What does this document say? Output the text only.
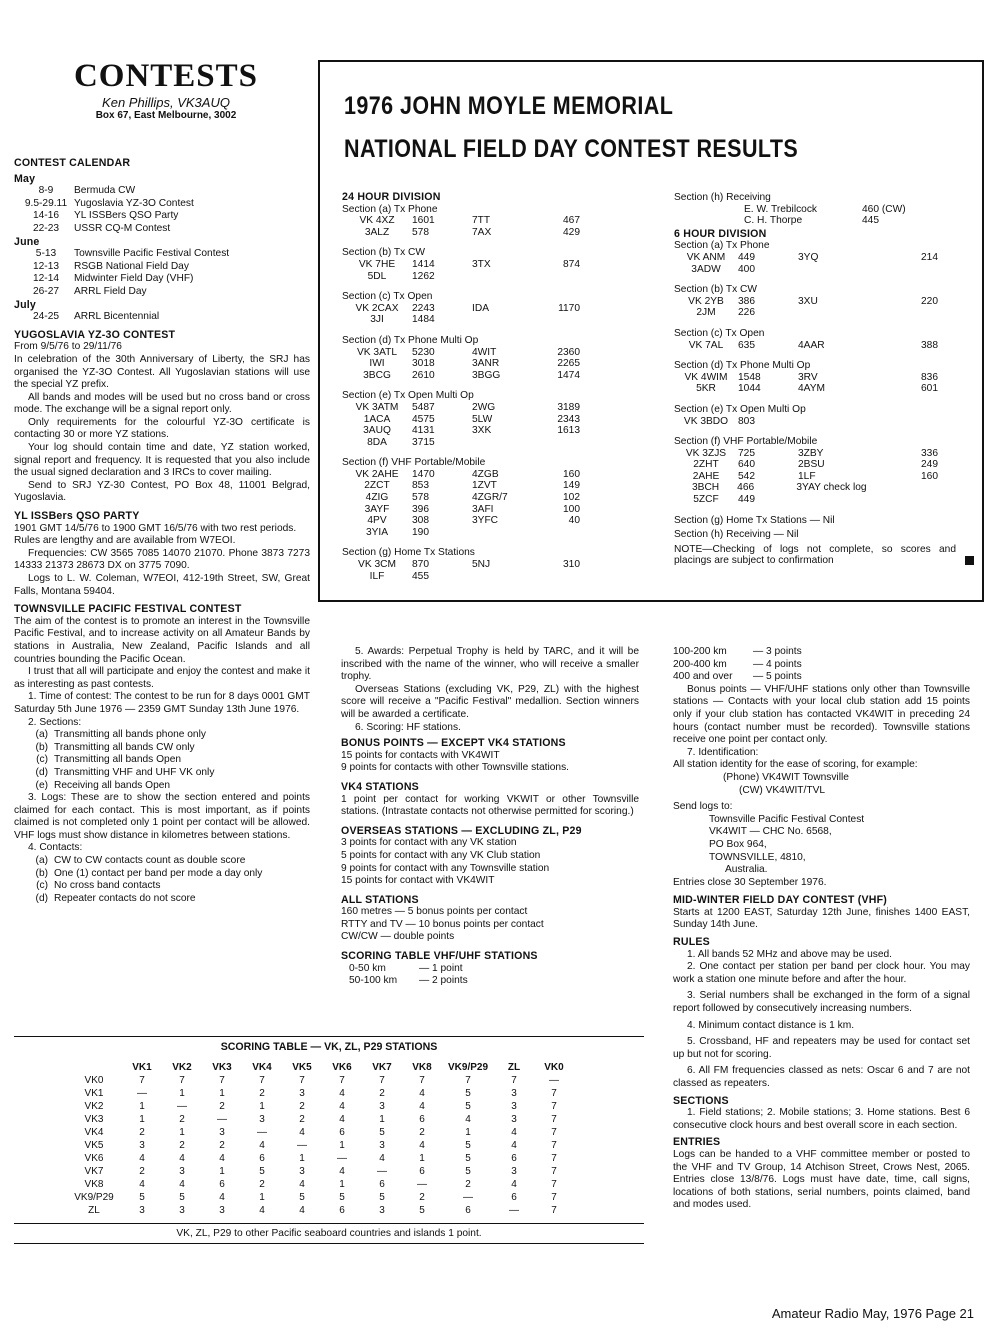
CONTESTS
Ken Phillips, VK3AUQ
Box 67, East Melbourne, 3002
CONTEST CALENDAR
May
8-9	Bermuda CW
9.5-29.11 Yugoslavia YZ-3O Contest
14-16	YL ISSBers QSO Party
22-23	USSR CQ-M Contest
June
5-13	Townsville Pacific Festival Contest
12-13	RSGB National Field Day
12-14	Midwinter Field Day (VHF)
26-27	ARRL Field Day
July
24-25	ARRL Bicentennial
YUGOSLAVIA YZ-3O CONTEST

From 9/5/76 to 29/11/76

In celebration of the 30th Anniversary of Liberty, the SRJ has organised the YZ-3O Contest. All Yugoslavian stations will use the special YZ prefix.

All bands and modes will be used but no cross band or cross mode. The exchange will be a signal report only.

Only requirements for the colourful YZ-3O certificate is contacting 30 or more YZ stations.

Your log should contain time and date, YZ station worked, signal report and frequency. It is requested that you also include the usual signed declaration and 3 IRCs to cover mailing.

Send to SRJ YZ-30 Contest, PO Box 48, 11001 Belgrad, Yugoslavia.

YL ISSBers QSO PARTY

1901 GMT 14/5/76 to 1900 GMT 16/5/76 with two rest periods.

Rules are lengthy and are available from W7EOI.

Frequencies: CW 3565 7085 14070 21070. Phone 3873 7273 14333 21373 28673 DX on 3775 7090.

Logs to L. W. Coleman, W7EOI, 412-19th Street, SW, Great Falls, Montana 59404.

TOWNSVILLE PACIFIC FESTIVAL CONTEST

The aim of the contest is to promote an interest in the Townsville Pacific Festival, and to increase activity on all Amateur Bands by stations in Australia, New Zealand, Pacific Islands and all countries bounding the Pacific Ocean.

I trust that all will participate and enjoy the contest and make it as interesting as past contests.

1. Time of contest: The contest to be run for 8 days 0001 GMT Saturday 5th June 1976 — 2359 GMT Sunday 13th June 1976.

2. Sections:

(a) Transmitting all bands phone only
(b) Transmitting all bands CW only
(c) Transmitting all bands Open
(d) Transmitting VHF and UHF VK only
(e) Receiving all bands Open

3. Logs: These are to show the section entered and points claimed for each contact. This is most important, as if points claimed is not completed only 1 point per contact will be allowed. VHF logs must show distance in kilometres between stations.

4. Contacts:

(a) CW to CW contacts count as double score
(b) One (1) contact per band per mode a day only
(c) No cross band contacts
(d) Repeater contacts do not score
1976 JOHN MOYLE MEMORIAL
NATIONAL FIELD DAY CONTEST RESULTS
24 HOUR DIVISION
Section (a) Tx Phone
VK 4XZ	1601	7TT	467
3ALZ	578	7AX	429
Section (b) Tx CW
VK 7HE	1414	3TX	874
5DL	1262
Section (c) Tx Open
VK 2CAX	2243	IDA	1170
3JI	1484
Section (d) Tx Phone Multi Op
VK 3ATL	5230	4WIT	2360
IWI	3018	3ANR	2265
3BCG	2610	3BGG	1474
Section (e) Tx Open Multi Op
VK 3ATM	5487	2WG	3189
1ACA	4575	5LW	2343
3AUQ	4131	3XK	1613
8DA	3715
Section (f) VHF Portable/Mobile
VK 2AHE	1470	4ZGB	160
2ZCT	853	1ZVT	149
4ZIG	578	4ZGR/7	102
3AYF	396	3AFI	100
4PV	308	3YFC	40
3YIA	190
Section (g) Home Tx Stations
VK 3CM	870	5NJ	310
ILF	455
Section (h) Receiving
E. W. Trebilcock	460 (CW)
C. H. Thorpe	445
6 HOUR DIVISION
Section (a) Tx Phone
VK ANM	449	3YQ	214
3ADW	400
Section (b) Tx CW
VK 2YB	386	3XU	220
2JM	226
Section (c) Tx Open
VK 7AL	635	4AAR	388
Section (d) Tx Phone Multi Op
VK 4WIM	1548	3RV	836
5KR	1044	4AYM	601
Section (e) Tx Open Multi Op
VK 3BDO 803
Section (f) VHF Portable/Mobile
VK 3ZJS	725	3ZBY	336
2ZHT	640	2BSU	249
2AHE	542	1LF	160
3BCH	466	3YAY check log
5ZCF	449
Section (g) Home Tx Stations — Nil
Section (h) Receiving — Nil
NOTE—Checking of logs not complete, so scores and placings are subject to confirmation

5. Awards: Perpetual Trophy is held by TARC, and it will be inscribed with the name of the winner, who will receive a smaller trophy.

Overseas Stations (excluding VK, P29, ZL) with the highest score will receive a "Pacific Festival" medallion. Section winners will be awarded a certificate.

6. Scoring: HF stations.

BONUS POINTS — EXCEPT VK4 STATIONS

15 points for contacts with VK4WIT

9 points for contacts with other Townsville stations.

VK4 STATIONS

1 point per contact for working VKWIT or other Townsville stations. (Intrastate contacts not otherwise permitted for scoring.)

OVERSEAS STATIONS — EXCLUDING ZL, P29

3 points for contact with any VK station

5 points for contact with any VK Club station

9 points for contact with any Townsville station

15 points for contact with VK4WIT

ALL STATIONS

160 metres — 5 bonus points per contact

RTTY and TV — 10 bonus points per contact

CW/CW — double points

SCORING TABLE VHF/UHF STATIONS
0-50 km	— 1 point
50-100 km	— 2 points
100-200 km	— 3 points
200-400 km	— 4 points
400 and over	— 5 points

Bonus points — VHF/UHF stations only other than Townsville stations — Contacts with your local club station add 15 points only if your club station has contacted VK4WIT in preceding 24 hours (contact number must be recorded). Townsville stations receive one point per contact only.

7. Identification:

All station identity for the ease of scoring, for example:

(Phone) VK4WIT Townsville

(CW) VK4WIT/TVL

Send logs to:

Townsville Pacific Festival Contest

VK4WIT — CHC No. 6568,

PO Box 964,

TOWNSVILLE, 4810,

Australia.

Entries close 30 September 1976.

MID-WINTER FIELD DAY CONTEST (VHF)

Starts at 1200 EAST, Saturday 12th June, finishes 1400 EAST, Sunday 14th June.

RULES

1. All bands 52 MHz and above may be used.

2. One contact per station per band per clock hour. You may work a station one minute before and after the hour.

3. Serial numbers shall be exchanged in the form of a signal report followed by consecutively increasing numbers.

4. Minimum contact distance is 1 km.

5. Crossband, HF and repeaters may be used for contact set up but not for scoring.

6. All FM frequencies classed as nets: Oscar 6 and 7 are not classed as repeaters.

SECTIONS

1. Field stations; 2. Mobile stations; 3. Home stations. Best 6 consecutive clock hours and best overall score in each section.

ENTRIES

Logs can be handed to a VHF committee member or posted to the VHF and TV Group, 14 Atchison Street, Crows Nest, 2065. Entries close 13/8/76. Logs must have date, time, call signs, locations of both stations, serial numbers, points claimed, band and modes used.

SCORING TABLE — VK, ZL, P29 STATIONS
	VK1	VK2	VK3	VK4	VK5	VK6	VK7	VK8	VK9/P29	ZL	VK0
VK0	7	7	7	7	7	7	7	7	7	7	—
VK1	—	1	1	2	3	4	2	4	5	3	7
VK2	1	—	2	1	2	4	3	4	5	3	7
VK3	1	2	—	3	2	4	1	6	4	3	7
VK4	2	1	3	—	4	6	5	2	1	4	7
VK5	3	2	2	4	—	1	3	4	5	4	7
VK6	4	4	4	6	1	—	4	1	5	6	7
VK7	2	3	1	5	3	4	—	6	5	3	7
VK8	4	4	6	2	4	1	6	—	2	4	7
VK9/P29	5	5	4	1	5	5	5	2	—	6	7
ZL	3	3	3	4	4	6	3	5	6	—	7
VK, ZL, P29 to other Pacific seaboard countries and islands 1 point.
Amateur Radio May, 1976 Page 21
